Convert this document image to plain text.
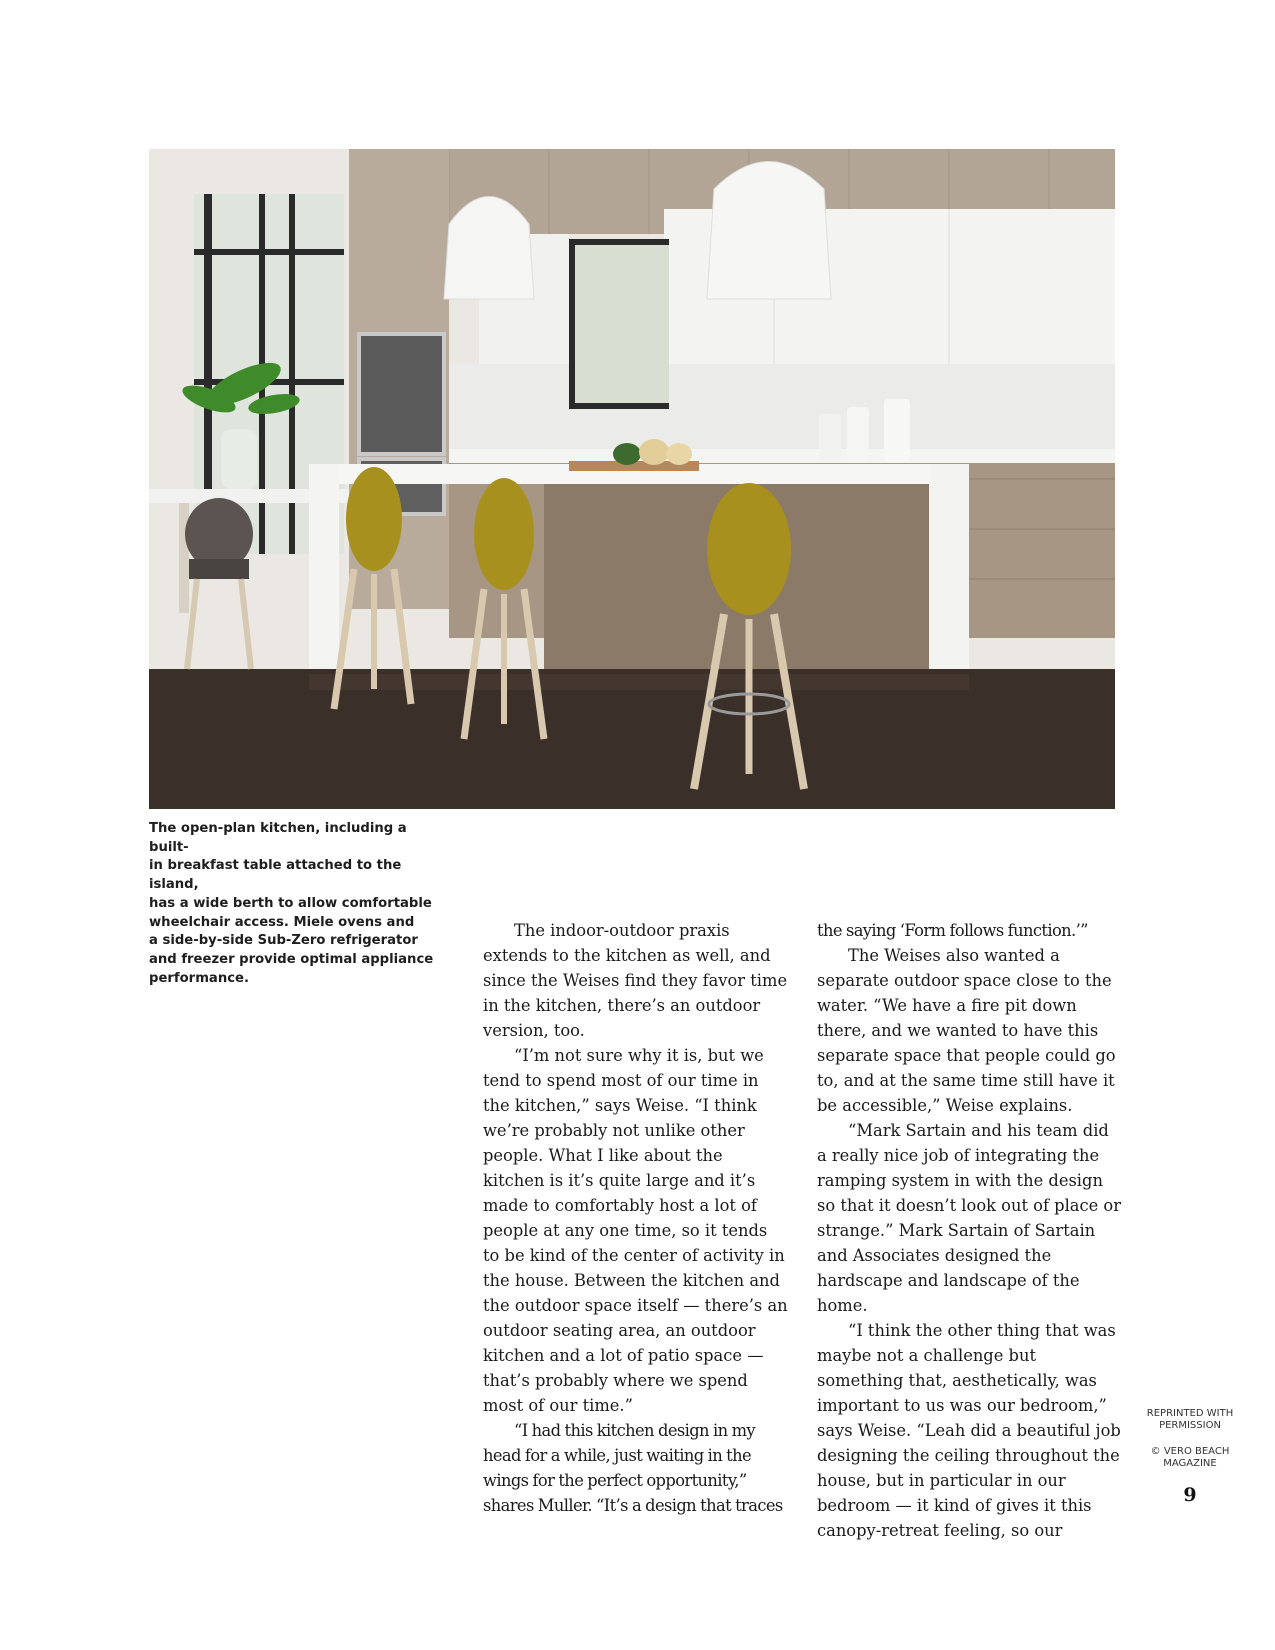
The open-plan kitchen, including a built-
in breakfast table attached to the island,
has a wide berth to allow comfortable
wheelchair access. Miele ovens and
a side-by-side Sub-Zero refrigerator
and freezer provide optimal appliance
performance.

The indoor-outdoor praxis extends to the kitchen as well, and since the Weises find they favor time in the kitchen, there’s an outdoor version, too.

“I’m not sure why it is, but we tend to spend most of our time in the kitchen,” says Weise. “I think we’re probably not unlike other people. What I like about the kitchen is it’s quite large and it’s made to comfortably host a lot of people at any one time, so it tends to be kind of the center of activity in the house. Between the kitchen and the outdoor space itself — there’s an outdoor seating area, an outdoor kitchen and a lot of patio space — that’s probably where we spend most of our time.”

“I had this kitchen design in my head for a while, just waiting in the wings for the perfect opportunity,” shares Muller. “It’s a design that traces

the saying ‘Form follows function.’”

The Weises also wanted a separate outdoor space close to the water. “We have a fire pit down there, and we wanted to have this separate space that people could go to, and at the same time still have it be accessible,” Weise explains.

“Mark Sartain and his team did a really nice job of integrating the ramping system in with the design so that it doesn’t look out of place or strange.” Mark Sartain of Sartain and Associates designed the hardscape and landscape of the home.

“I think the other thing that was maybe not a challenge but something that, aesthetically, was important to us was our bedroom,” says Weise. “Leah did a beautiful job designing the ceiling throughout the house, but in particular in our bedroom — it kind of gives it this canopy-retreat feeling, so our

REPRINTED WITH
PERMISSION
© VERO BEACH
MAGAZINE
9
